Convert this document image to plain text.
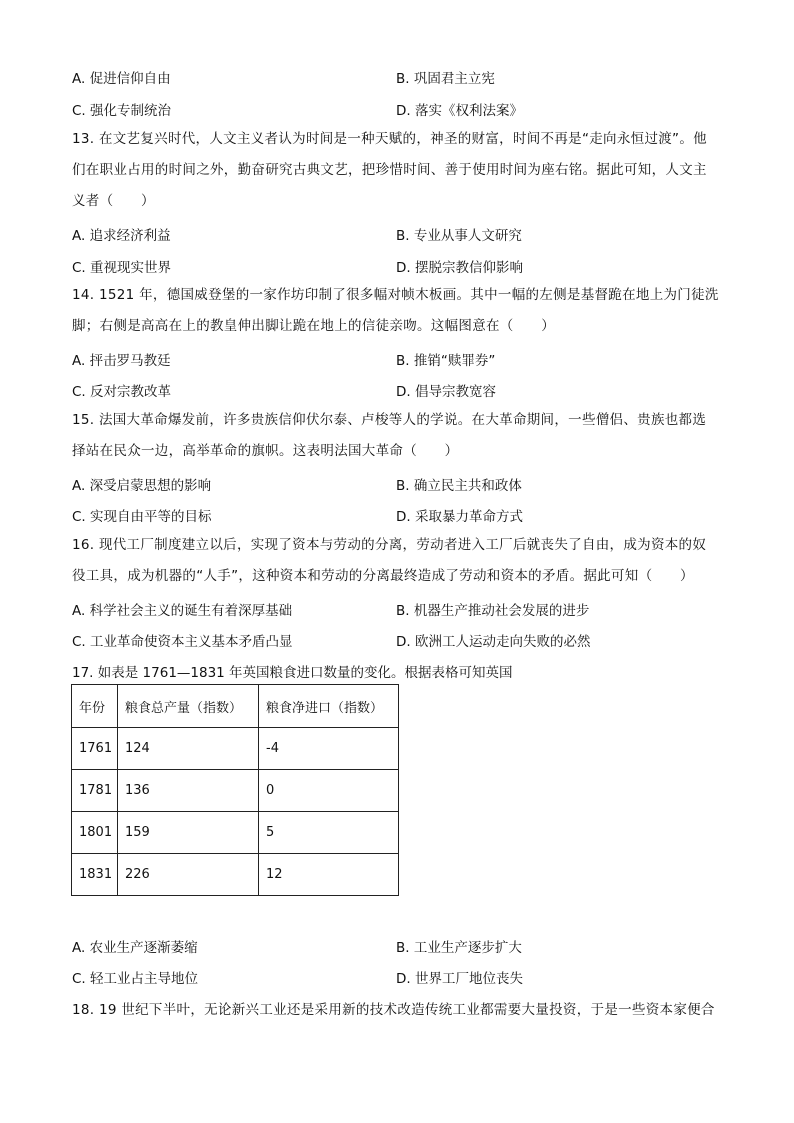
A. 促进信仰自由	B. 巩固君主立宪
C. 强化专制统治	D. 落实《权利法案》

13. 在文艺复兴时代，人文主义者认为时间是一种天赋的，神圣的财富，时间不再是“走向永恒过渡”。他

们在职业占用的时间之外，勤奋研究古典文艺，把珍惜时间、善于使用时间为座右铭。据此可知，人文主

义者（　　）

A. 追求经济利益	B. 专业从事人文研究
C. 重视现实世界	D. 摆脱宗教信仰影响

14. 1521 年，德国威登堡的一家作坊印制了很多幅对帧木板画。其中一幅的左侧是基督跪在地上为门徒洗

脚；右侧是高高在上的教皇伸出脚让跪在地上的信徒亲吻。这幅图意在（　　）

A. 抨击罗马教廷	B. 推销“赎罪券”
C. 反对宗教改革	D. 倡导宗教宽容

15. 法国大革命爆发前，许多贵族信仰伏尔泰、卢梭等人的学说。在大革命期间，一些僧侣、贵族也都选

择站在民众一边，高举革命的旗帜。这表明法国大革命（　　）

A. 深受启蒙思想的影响	B. 确立民主共和政体
C. 实现自由平等的目标	D. 采取暴力革命方式

16. 现代工厂制度建立以后，实现了资本与劳动的分离，劳动者进入工厂后就丧失了自由，成为资本的奴

役工具，成为机器的“人手”，这种资本和劳动的分离最终造成了劳动和资本的矛盾。据此可知（　　）

A. 科学社会主义的诞生有着深厚基础	B. 机器生产推动社会发展的进步
C. 工业革命使资本主义基本矛盾凸显	D. 欧洲工人运动走向失败的必然
17. 如表是 1761—1831 年英国粮食进口数量的变化。根据表格可知英国
年份	粮食总产量（指数）	粮食净进口（指数）
1761	124	-4
1781	136	0
1801	159	5
1831	226	12
A. 农业生产逐渐萎缩	B. 工业生产逐步扩大
C. 轻工业占主导地位	D. 世界工厂地位丧失
18. 19 世纪下半叶，无论新兴工业还是采用新的技术改造传统工业都需要大量投资，于是一些资本家便合
